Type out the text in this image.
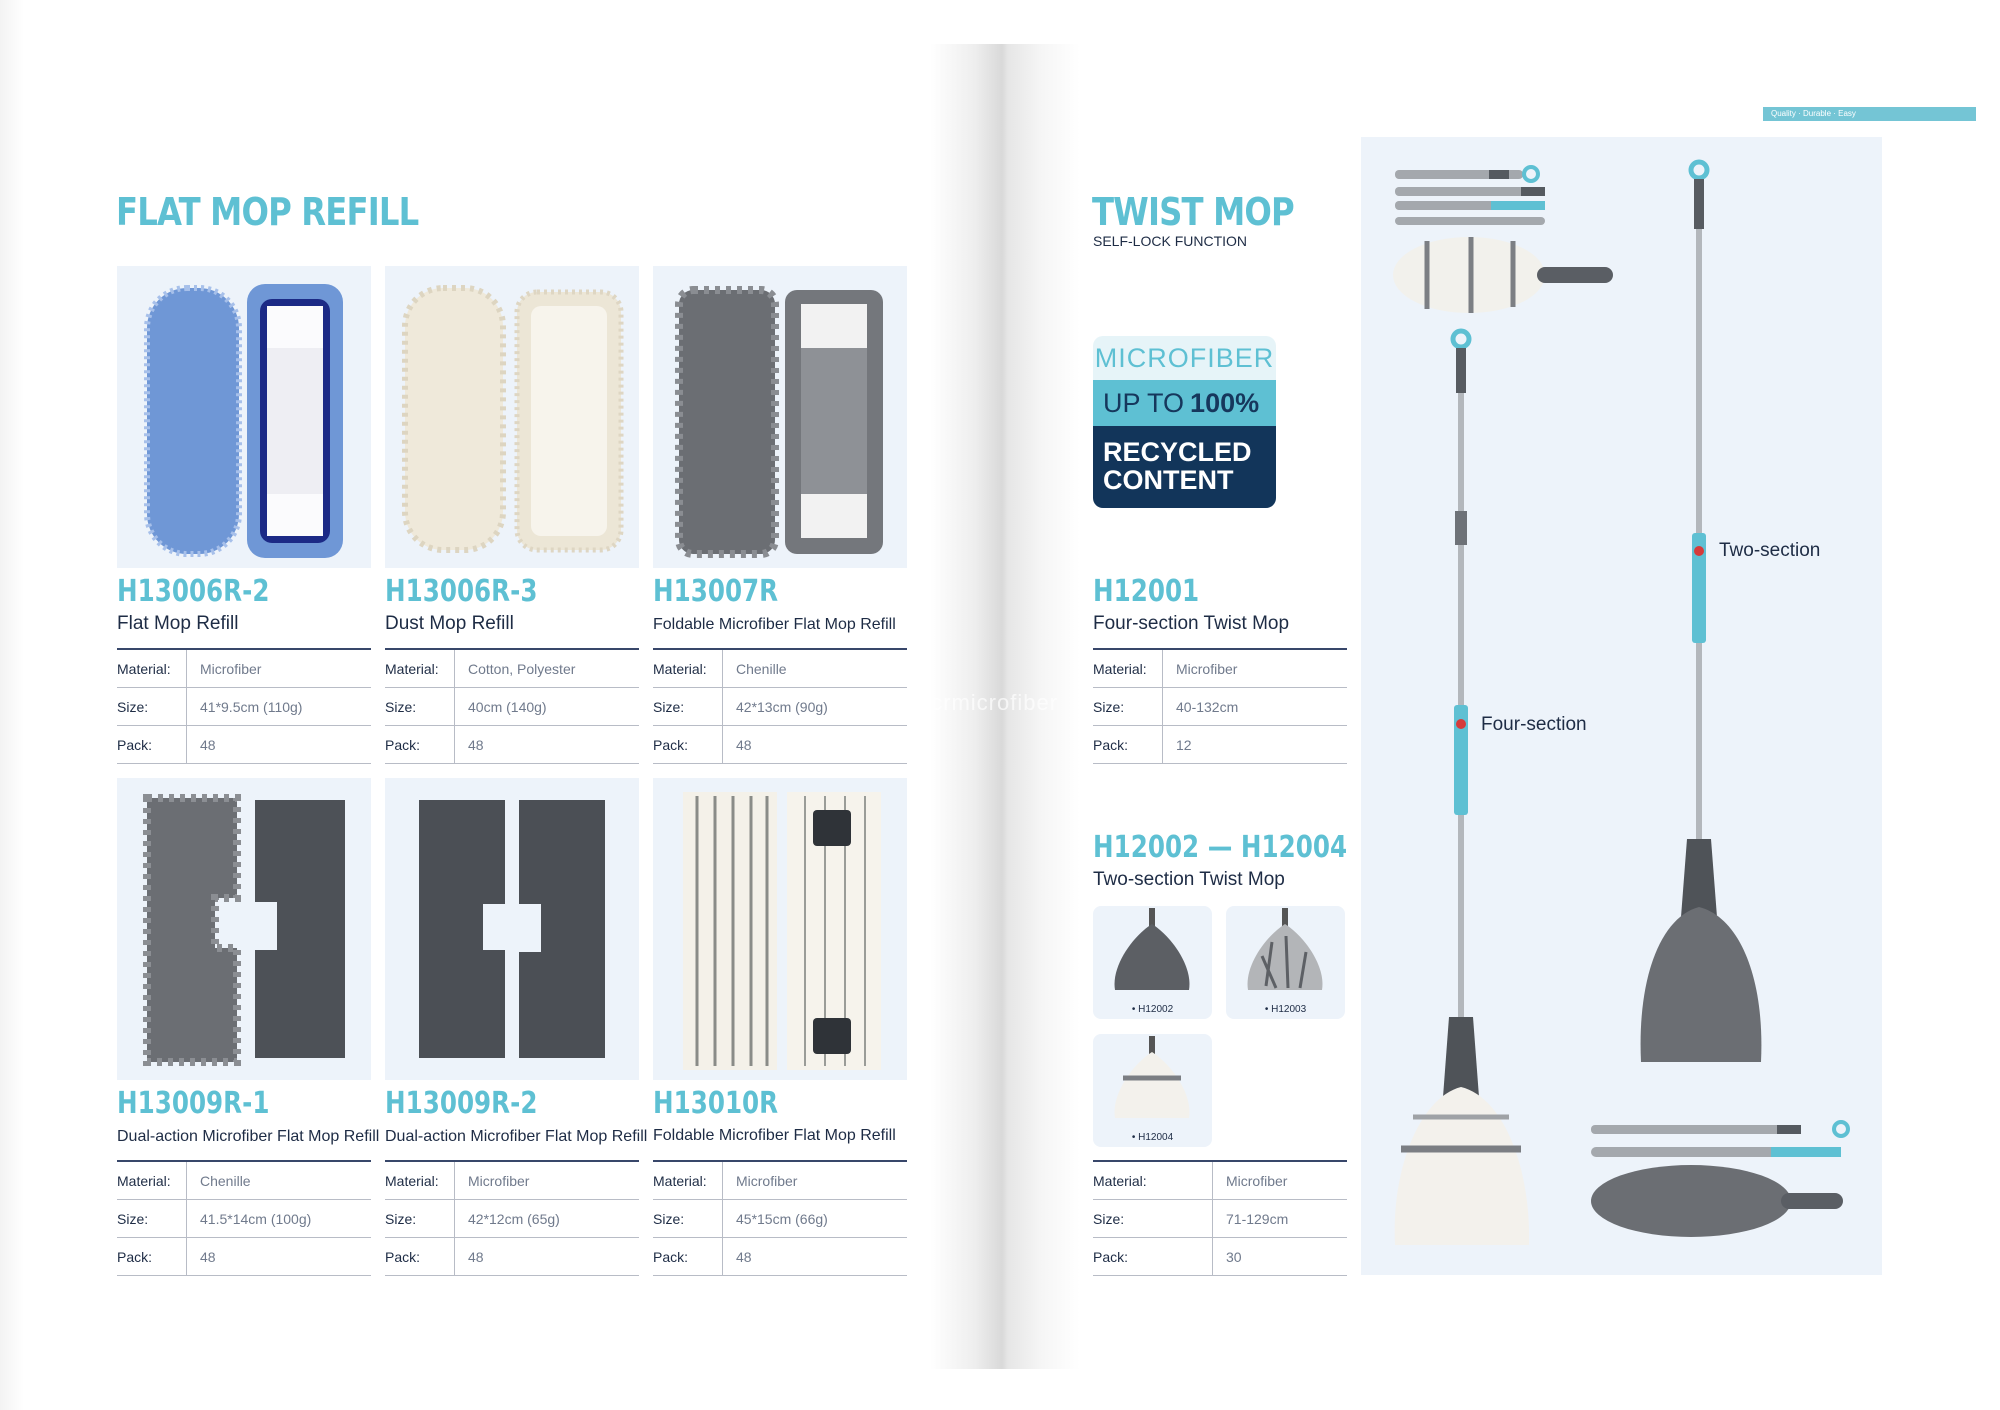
FLAT MOP REFILL
H13006R-2
Flat Mop Refill
Material:	Microfiber
Size:	41*9.5cm (110g)
Pack:	48
H13006R-3
Dust Mop Refill
Material:	Cotton, Polyester
Size:	40cm (140g)
Pack:	48
H13007R
Foldable Microfiber Flat Mop Refill
Material:	Chenille
Size:	42*13cm (90g)
Pack:	48
H13009R-1
Dual-action Microfiber Flat Mop Refill
Material:	Chenille
Size:	41.5*14cm (100g)
Pack:	48
H13009R-2
Dual-action Microfiber Flat Mop Refill
Material:	Microfiber
Size:	42*12cm (65g)
Pack:	48
H13010R
Foldable Microfiber Flat Mop Refill
Material:	Microfiber
Size:	45*15cm (66g)
Pack:	48
cnicrmicrofiber
Quality · Durable · Easy
TWIST MOP
SELF-LOCK FUNCTION
MICROFIBER
UP TO 100%
RECYCLED
CONTENT
H12001
Four-section Twist Mop
Material:	Microfiber
Size:	40-132cm
Pack:	12
H12002 — H12004
Two-section Twist Mop
• H12002	• H12003
• H12004
Material:	Microfiber
Size:	71-129cm
Pack:	30
Two-section
Four-section
